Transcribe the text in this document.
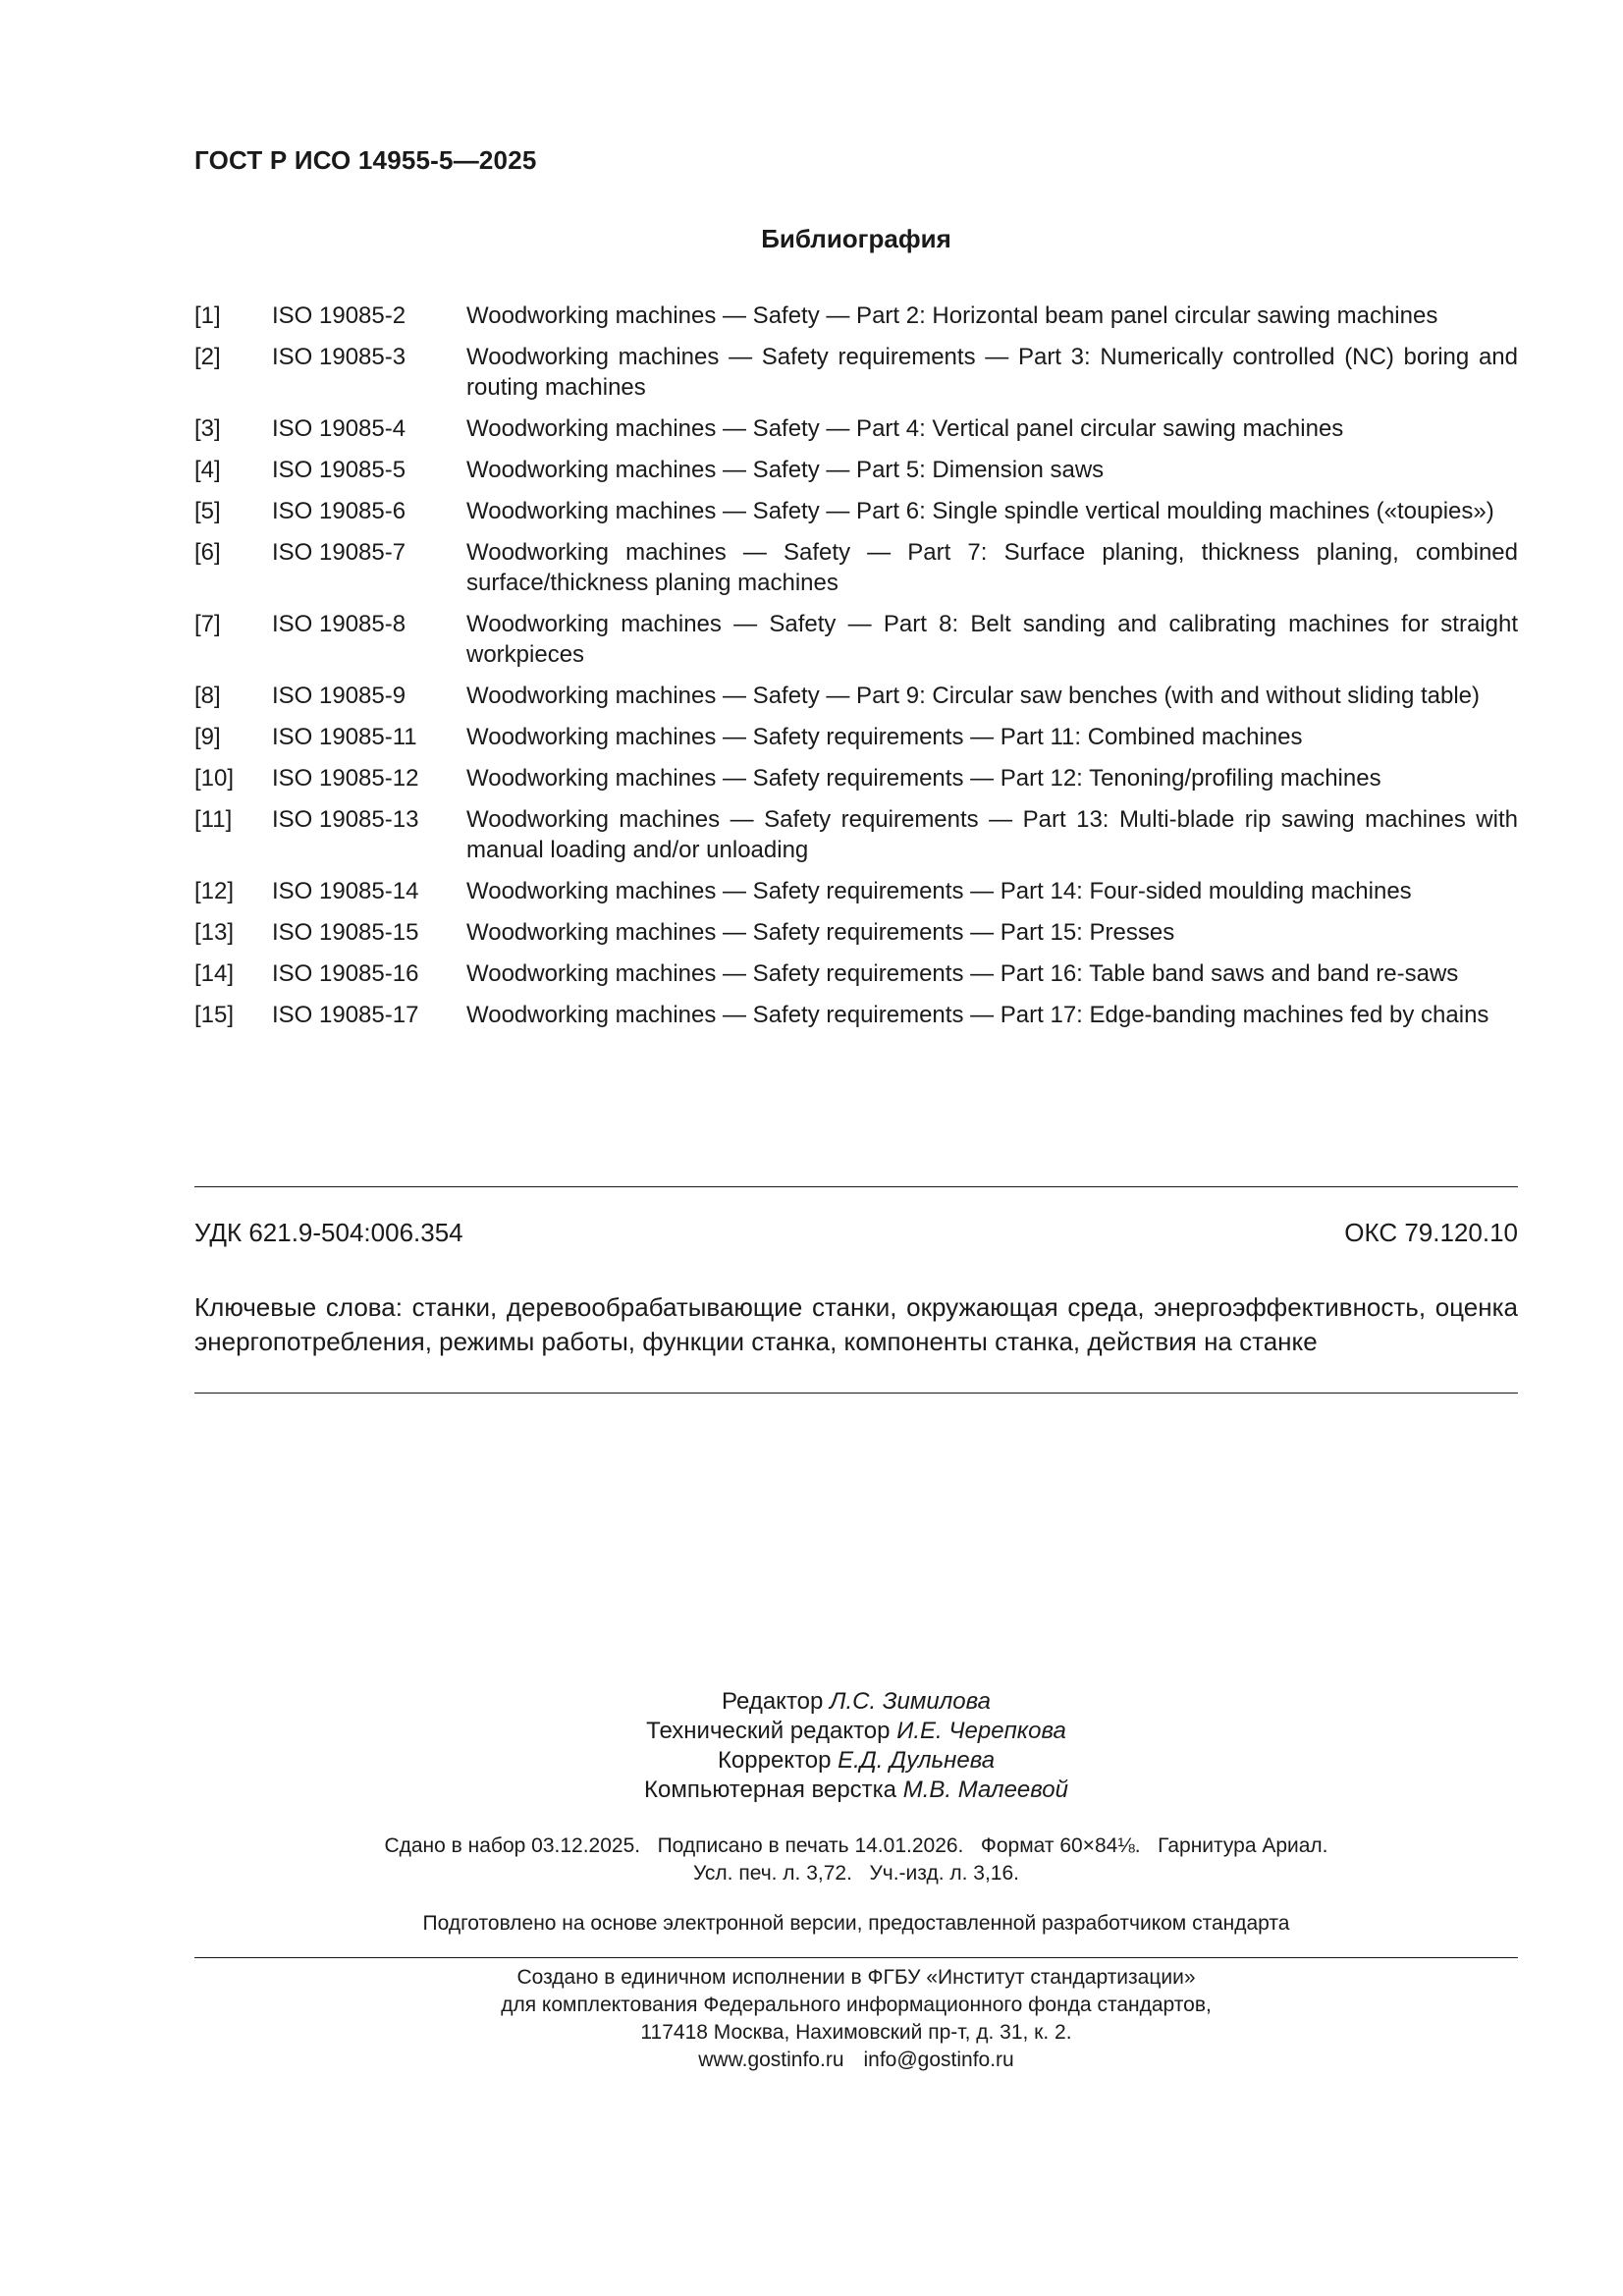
ГОСТ Р ИСО 14955-5—2025
Библиография
[1]	ISO 19085-2	Woodworking machines — Safety — Part 2: Horizontal beam panel circular sawing machines
[2]	ISO 19085-3	Woodworking machines — Safety requirements — Part 3: Numerically controlled (NC) boring and routing machines
[3]	ISO 19085-4	Woodworking machines — Safety — Part 4: Vertical panel circular sawing machines
[4]	ISO 19085-5	Woodworking machines — Safety — Part 5: Dimension saws
[5]	ISO 19085-6	Woodworking machines — Safety — Part 6: Single spindle vertical moulding machines («toupies»)
[6]	ISO 19085-7	Woodworking machines — Safety — Part 7: Surface planing, thickness planing, combined surface/thickness planing machines
[7]	ISO 19085-8	Woodworking machines — Safety — Part 8: Belt sanding and calibrating machines for straight workpieces
[8]	ISO 19085-9	Woodworking machines — Safety — Part 9: Circular saw benches (with and without sliding table)
[9]	ISO 19085-11	Woodworking machines — Safety requirements — Part 11: Combined machines
[10]	ISO 19085-12	Woodworking machines — Safety requirements — Part 12: Tenoning/profiling machines
[11]	ISO 19085-13	Woodworking machines — Safety requirements — Part 13: Multi-blade rip sawing machines with manual loading and/or unloading
[12]	ISO 19085-14	Woodworking machines — Safety requirements — Part 14: Four-sided moulding machines
[13]	ISO 19085-15	Woodworking machines — Safety requirements — Part 15: Presses
[14]	ISO 19085-16	Woodworking machines — Safety requirements — Part 16: Table band saws and band re-saws
[15]	ISO 19085-17	Woodworking machines — Safety requirements — Part 17: Edge-banding machines fed by chains
УДК 621.9-504:006.354	ОКС 79.120.10
Ключевые слова: станки, деревообрабатывающие станки, окружающая среда, энергоэффективность, оценка энергопотребления, режимы работы, функции станка, компоненты станка, действия на станке
Редактор Л.С. Зимилова
Технический редактор И.Е. Черепкова
Корректор Е.Д. Дульнева
Компьютерная верстка М.В. Малеевой
Сдано в набор 03.12.2025.   Подписано в печать 14.01.2026.   Формат 60×84⅛.   Гарнитура Ариал.
Усл. печ. л. 3,72.   Уч.-изд. л. 3,16.
Подготовлено на основе электронной версии, предоставленной разработчиком стандарта
Создано в единичном исполнении в ФГБУ «Институт стандартизации»
для комплектования Федерального информационного фонда стандартов,
117418 Москва, Нахимовский пр-т, д. 31, к. 2.
www.gostinfo.ru info@gostinfo.ru
